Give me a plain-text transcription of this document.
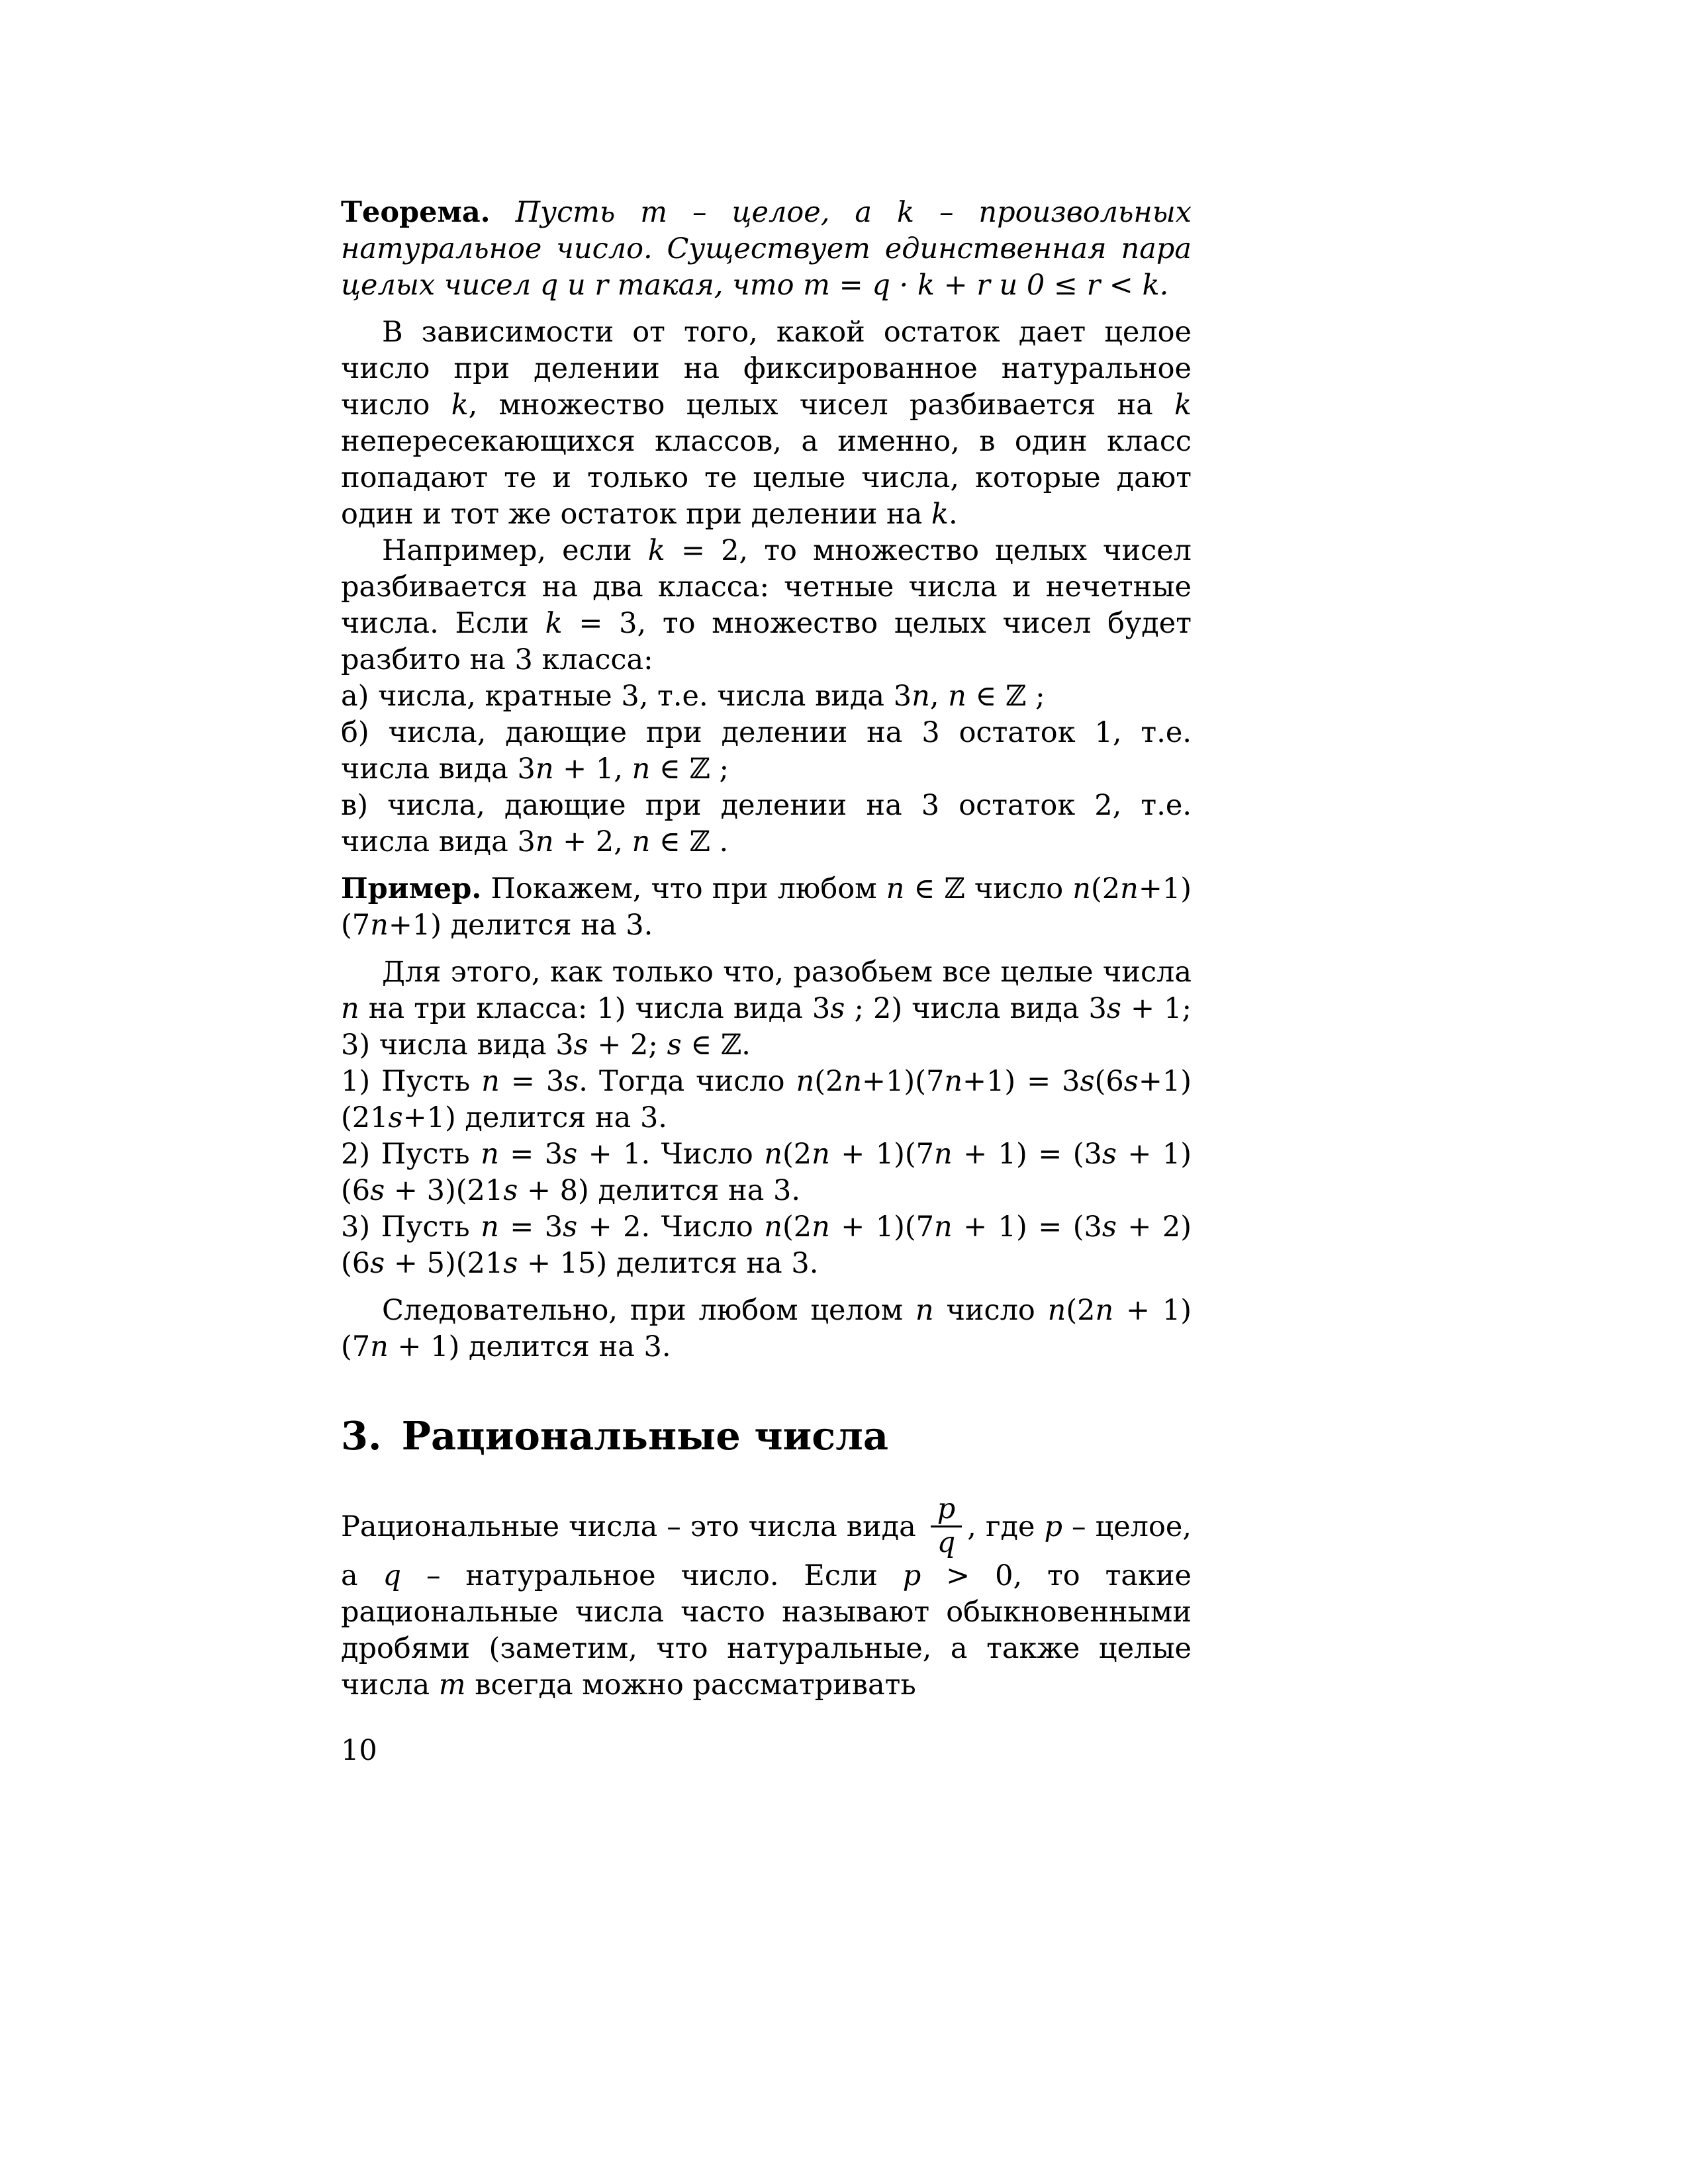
Теорема. Пусть m – целое, а k – произвольных натуральное число. Существует единственная пара целых чисел q и r такая, что m = q · k + r и 0 ≤ r < k.

В зависимости от того, какой остаток дает целое число при делении на фиксированное натуральное число k, множество целых чисел разбивается на k непересекающихся классов, а именно, в один класс попадают те и только те целые числа, которые дают один и тот же остаток при делении на k.

Например, если k = 2, то множество целых чисел разбивается на два класса: четные числа и нечетные числа. Если k = 3, то множество целых чисел будет разбито на 3 класса:

а) числа, кратные 3, т.е. числа вида 3n, n ∈ ℤ ;

б) числа, дающие при делении на 3 остаток 1, т.е. числа вида 3n + 1, n ∈ ℤ ;

в) числа, дающие при делении на 3 остаток 2, т.е. числа вида 3n + 2, n ∈ ℤ .

Пример. Покажем, что при любом n ∈ ℤ число n(2n+1)(7n+1) делится на 3.

Для этого, как только что, разобьем все целые числа n на три класса: 1) числа вида 3s ; 2) числа вида 3s + 1; 3) числа вида 3s + 2; s ∈ ℤ.

1) Пусть n = 3s. Тогда число n(2n+1)(7n+1) = 3s(6s+1)(21s+1) делится на 3.

2) Пусть n = 3s + 1. Число n(2n + 1)(7n + 1) = (3s + 1)(6s + 3)(21s + 8) делится на 3.

3) Пусть n = 3s + 2. Число n(2n + 1)(7n + 1) = (3s + 2)(6s + 5)(21s + 15) делится на 3.

Следовательно, при любом целом n число n(2n + 1)(7n + 1) делится на 3.

3. Рациональные числа

Рациональные числа – это числа вида $\frac{p}{q}$ , где p – целое, а q – натуральное число. Если p > 0, то такие рациональные числа часто называют обыкновенными дробями (заметим, что натуральные, а также целые числа m всегда можно рассматривать

10
